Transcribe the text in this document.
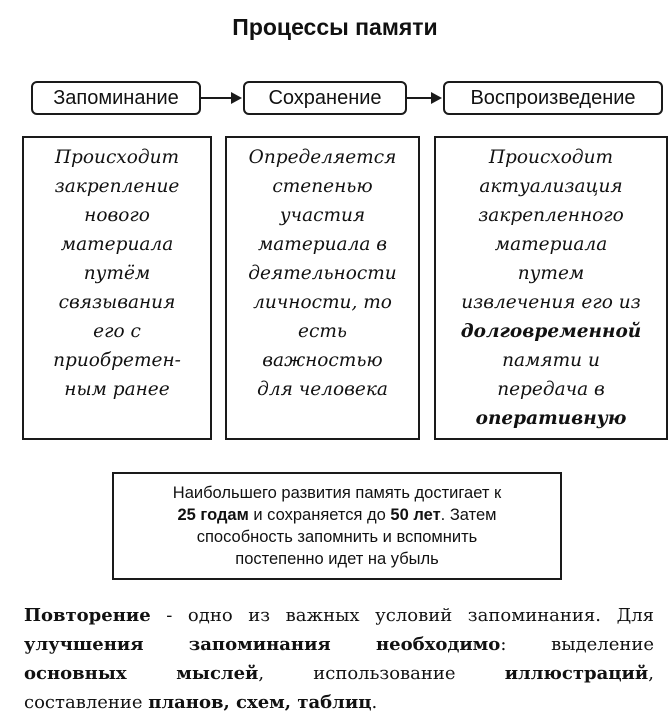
Процессы памяти
Запоминание	Сохранение	Воспроизведение
Происходит
закрепление
нового
материала
путём
связывания
его с
приобретен-
ным ранее
Определяется
степенью
участия
материала в
деятельности
личности, то
есть
важностью
для человека
Происходит
актуализация
закрепленного
материала
путем
извлечения его из
долговременной
памяти и
передача в
оперативную
Наибольшего развития память достигает к
25 годам и сохраняется до 50 лет. Затем
способность запомнить и вспомнить
постепенно идет на убыль
Повторение - одно из важных условий запоминания. Для
улучшения запоминания необходимо: выделение
основных мыслей, использование иллюстраций,
составление планов, схем, таблиц.
